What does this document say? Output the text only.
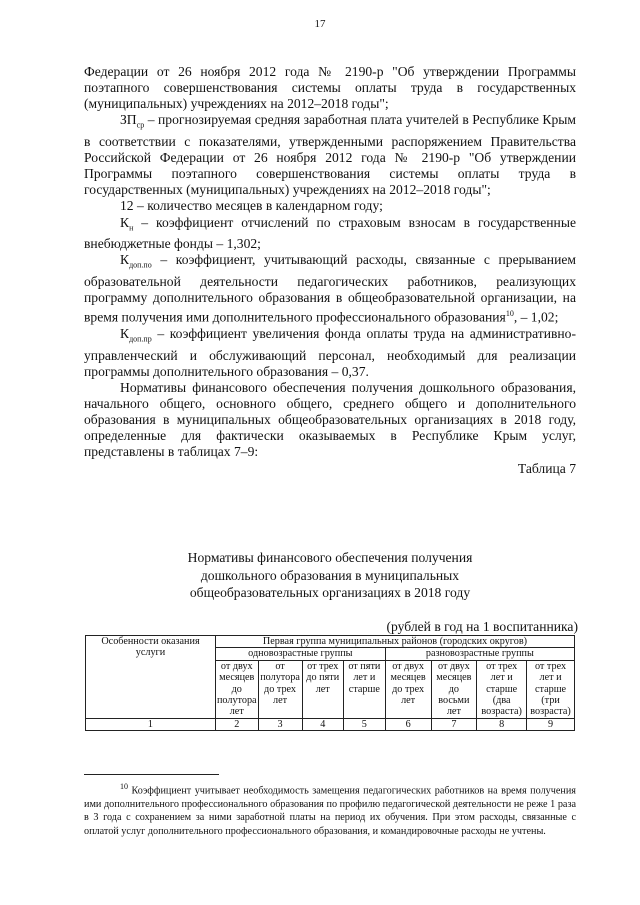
17

Федерации от 26 ноября 2012 года № 2190-р "Об утверждении Программы поэтапного совершенствования системы оплаты труда в государственных (муниципальных) учреждениях на 2012–2018 годы";

$ЗП_{ср}$ – прогнозируемая средняя заработная плата учителей в Республике Крым в соответствии с показателями, утвержденными распоряжением Правительства Российской Федерации от 26 ноября 2012 года № 2190-р "Об утверждении Программы поэтапного совершенствования системы оплаты труда в государственных (муниципальных) учреждениях на 2012–2018 годы";

12 – количество месяцев в календарном году;

$К_н$ – коэффициент отчислений по страховым взносам в государственные внебюджетные фонды – 1,302;

$К_{доп.по}$ – коэффициент, учитывающий расходы, связанные с прерыванием образовательной деятельности педагогических работников, реализующих программу дополнительного образования в общеобразовательной организации, на время получения ими дополнительного профессионального образования$^{10}$, – 1,02;

$К_{доп.пр}$ – коэффициент увеличения фонда оплаты труда на административно-управленческий и обслуживающий персонал, необходимый для реализации программы дополнительного образования – 0,37.

Нормативы финансового обеспечения получения дошкольного образования, начального общего, основного общего, среднего общего и дополнительного образования в муниципальных общеобразовательных организациях в 2018 году, определенные для фактически оказываемых в Республике Крым услуг, представлены в таблицах 7–9:

Таблица 7

Нормативы финансового обеспечения получения
дошкольного образования в муниципальных
общеобразовательных организациях в 2018 году
(рублей в год на 1 воспитанника)
Особенности оказания услуги	Первая группа муниципальных районов (городских округов)							
	одновозрастные группы				разновозрастные группы			
	от двух месяцев до полутора лет	от полутора до трех лет	от трех до пяти лет	от пяти лет и старше	от двух месяцев до трех лет	от двух месяцев до восьми лет	от трех лет и старше (два возраста)	от трех лет и старше (три возраста)
1	2	3	4	5	6	7	8	9

$^{10}$ Коэффициент учитывает необходимость замещения педагогических работников на время получения ими дополнительного профессионального образования по профилю педагогической деятельности не реже 1 раза в 3 года с сохранением за ними заработной платы на период их обучения. При этом расходы, связанные с оплатой услуг дополнительного профессионального образования, и командировочные расходы не учтены.
